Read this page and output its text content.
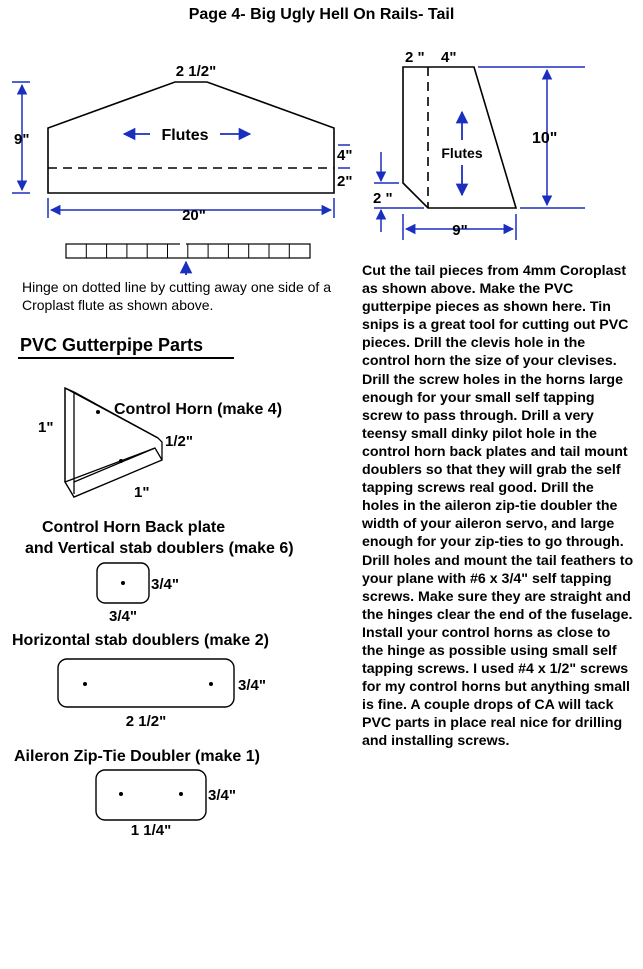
Page 4- Big Ugly Hell On Rails- Tail
2 1/2"
9"	Flutes
4"
2"
20"
2 " 4"
10"
Flutes
2 "
9"
Control Horn (make 4)
1"
1/2"
1"
Control Horn Back plate
and Vertical stab doublers (make 6)
3/4"
3/4"
Horizontal stab doublers (make 2)
3/4"
2 1/2"
Aileron Zip-Tie Doubler (make 1)
3/4"
1 1/4"
Hinge on dotted line by cutting away one side of a Croplast flute as shown above.
PVC Gutterpipe Parts
Cut the tail pieces from 4mm Coroplast as shown above. Make the PVC gutterpipe pieces as shown here. Tin snips is a great tool for cutting out PVC pieces. Drill the clevis hole in the control horn the size of your clevises. Drill the screw holes in the horns large enough for your small self tapping screw to pass through. Drill a very teensy small dinky pilot hole in the control horn back plates and tail mount doublers so that they will grab the self tapping screws real good. Drill the holes in the aileron zip-tie doubler the width of your aileron servo, and large enough for your zip-ties to go through. Drill holes and mount the tail feathers to your plane with #6 x 3/4" self tapping screws. Make sure they are straight and the hinges clear the end of the fuselage. Install your control horns as close to the hinge as possible using small self tapping screws. I used #4 x 1/2" screws for my control horns but anything small is fine. A couple drops of CA will tack PVC parts in place real nice for drilling and installing screws.
